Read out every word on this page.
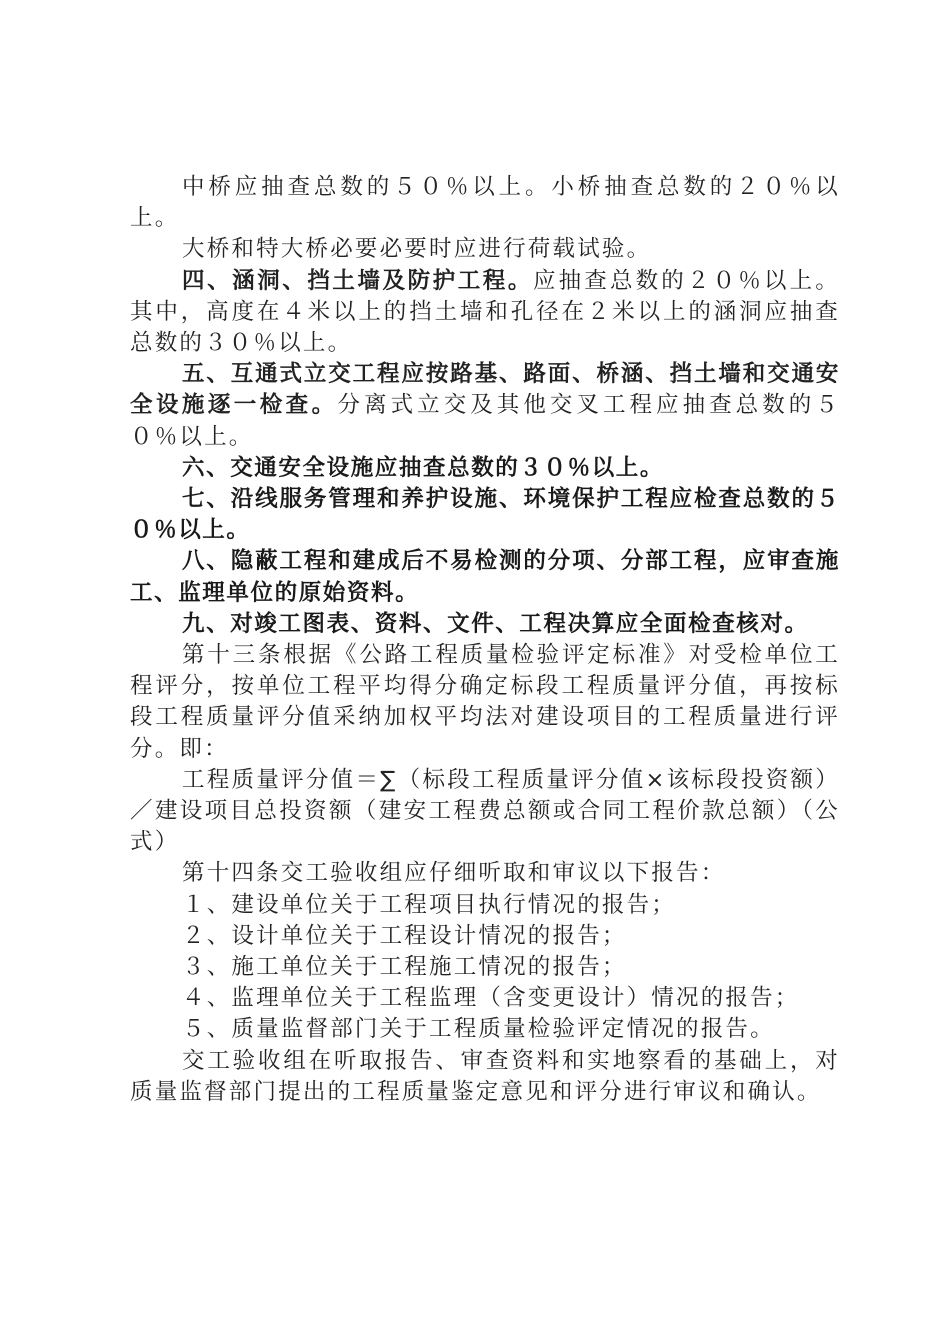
中桥应抽查总数的５０％以上。小桥抽查总数的２０％以上。

大桥和特大桥必要必要时应进行荷载试验。

四、涵洞、挡土墙及防护工程。应抽查总数的２０％以上。其中，高度在４米以上的挡土墙和孔径在２米以上的涵洞应抽查总数的３０％以上。

五、互通式立交工程应按路基、路面、桥涵、挡土墙和交通安全设施逐一检查。分离式立交及其他交叉工程应抽查总数的５０％以上。

六、交通安全设施应抽查总数的３０％以上。

七、沿线服务管理和养护设施、环境保护工程应检查总数的５０％以上。

八、隐蔽工程和建成后不易检测的分项、分部工程，应审查施工、监理单位的原始资料。

九、对竣工图表、资料、文件、工程决算应全面检查核对。

第十三条根据《公路工程质量检验评定标准》对受检单位工程评分，按单位工程平均得分确定标段工程质量评分值，再按标段工程质量评分值采纳加权平均法对建设项目的工程质量进行评分。即：

工程质量评分值＝∑（标段工程质量评分值×该标段投资额）／建设项目总投资额（建安工程费总额或合同工程价款总额）（公式）

第十四条交工验收组应仔细听取和审议以下报告：

１、建设单位关于工程项目执行情况的报告；

２、设计单位关于工程设计情况的报告；

３、施工单位关于工程施工情况的报告；

４、监理单位关于工程监理（含变更设计）情况的报告；

５、质量监督部门关于工程质量检验评定情况的报告。

交工验收组在听取报告、审查资料和实地察看的基础上，对质量监督部门提出的工程质量鉴定意见和评分进行审议和确认。
